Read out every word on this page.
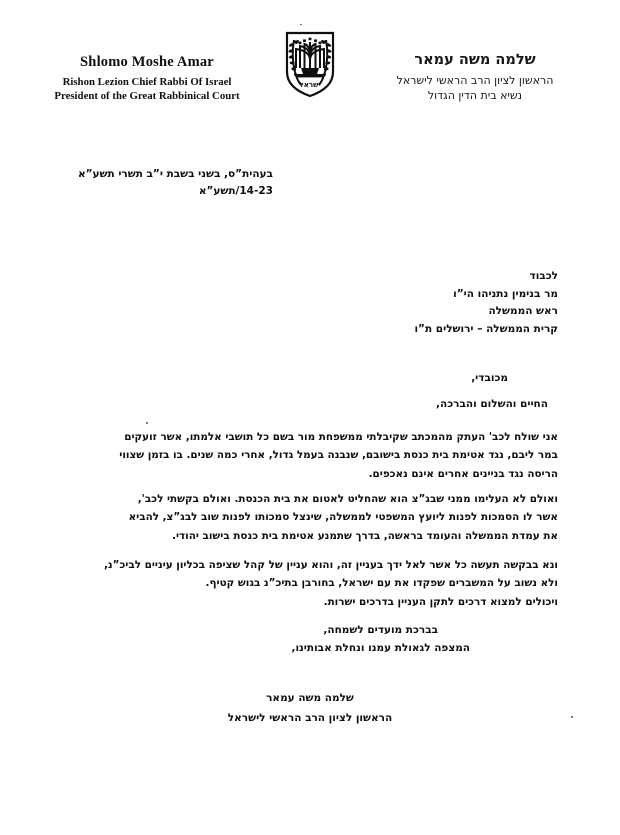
Shlomo Moshe Amar
Rishon Lezion Chief Rabbi Of Israel
President of the Great Rabbinical Court
ישראל
שלמה משה עמאר
הראשון לציון הרב הראשי לישראל
נשיא בית הדין הגדול
בעהית”ס, בשני בשבת י”ב תשרי תשע”א
14-23/תשע”א
לכבוד
מר בנימין נתניהו הי”ו
ראש הממשלה
קרית הממשלה – ירושלים ת”ו
מכובדי,
החיים והשלום והברכה,

אני שולח לכב' העתק מהמכתב שקיבלתי ממשפחת מור בשם כל תושבי אלמתו, אשר זועקים

במר ליבם, נגד אטימת בית כנסת בישובם, שנבנה בעמל גדול, אחרי כמה שנים. בו בזמן שצווי

הריסה נגד בניינים אחרים אינם נאכפים.

ואולם לא העלימו ממני שבג”צ הוא שהחליט לאטום את בית הכנסת. ואולם בקשתי לכב',

אשר לו הסמכות לפנות ליועץ המשפטי לממשלה, שינצל סמכותו לפנות שוב לבג”צ, להביא

את עמדת הממשלה והעומד בראשה, בדרך שתמנע אטימת בית כנסת בישוב יהודי.

ונא בבקשה תעשה כל אשר לאל ידך בעניין זה, והוא עניין של קהל שציפה בכליון עיניים לביכ”נ,

ולא נשוב על המשברים שפקדו את עם ישראל, בחורבן בתיכ”נ בגוש קטיף.

ויכולים למצוא דרכים לתקן העניין בדרכים ישרות.

בברכת מועדים לשמחה,
המצפה לגאולת עמנו ונחלת אבותינו,
שלמה משה עמאר
הראשון לציון הרב הראשי לישראל
